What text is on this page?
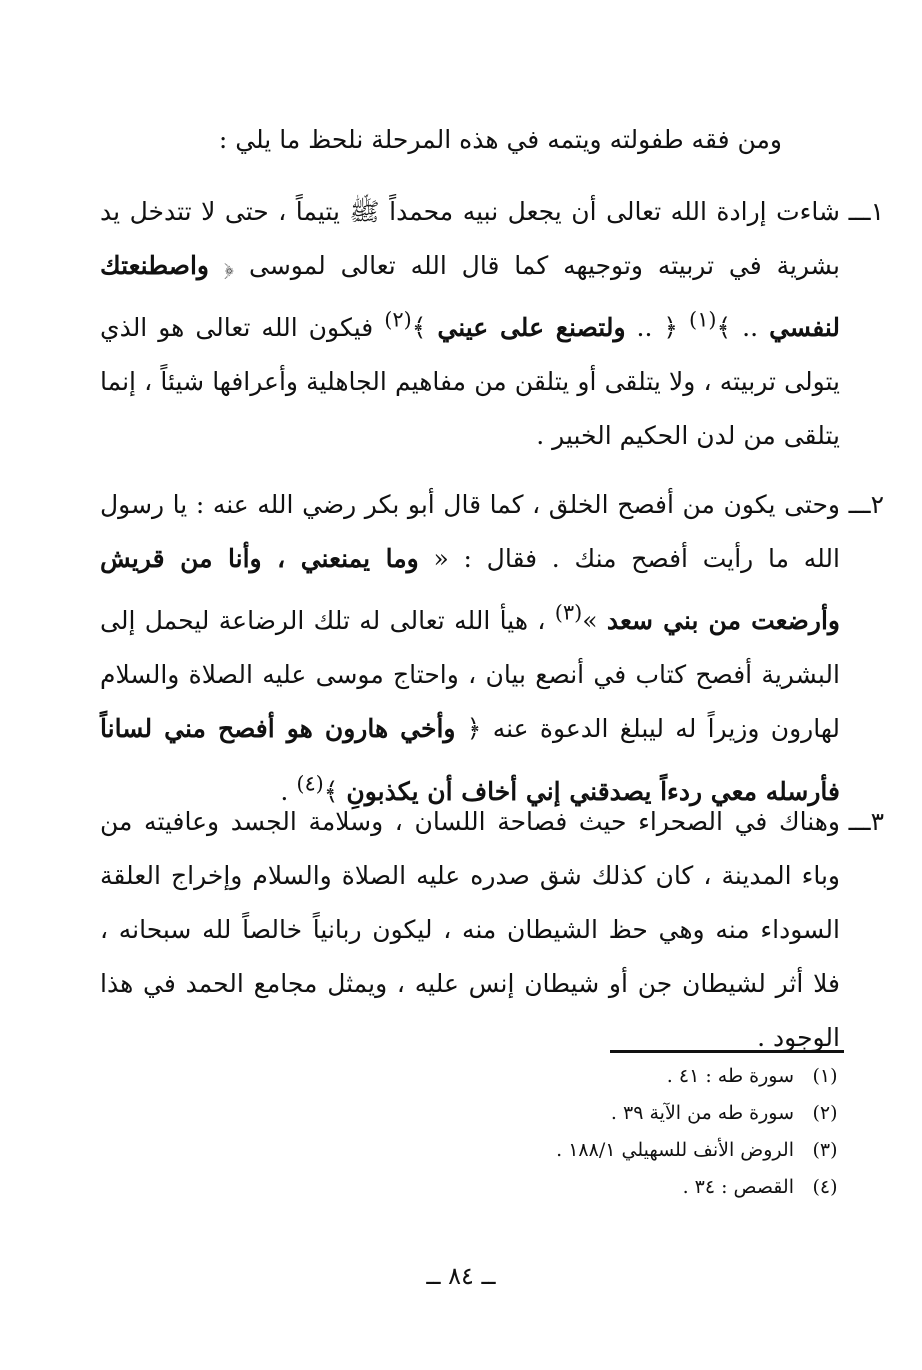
ومن فقه طفولته ويتمه في هذه المرحلة نلحظ ما يلي :
١ـــ
شاءت إرادة الله تعالى أن يجعل نبيه محمداً ﷺ يتيماً ، حتى لا تتدخل يد بشرية في تربيته وتوجيهه كما قال الله تعالى لموسى ﴿ واصطنعتك لنفسي .. ﴾$^{(١)}$ ﴿ .. ولتصنع على عيني ﴾$^{(٢)}$ فيكون الله تعالى هو الذي يتولى تربيته ، ولا يتلقى أو يتلقن من مفاهيم الجاهلية وأعرافها شيئاً ، إنما يتلقى من لدن الحكيم الخبير .
٢ـــ
وحتى يكون من أفصح الخلق ، كما قال أبو بكر رضي الله عنه : يا رسول الله ما رأيت أفصح منك . فقال : « وما يمنعني ، وأنا من قريش وأرضعت من بني سعد »$^{(٣)}$ ، هيأ الله تعالى له تلك الرضاعة ليحمل إلى البشرية أفصح كتاب في أنصع بيان ، واحتاج موسى عليه الصلاة والسلام لهارون وزيراً له ليبلغ الدعوة عنه ﴿ وأخي هارون هو أفصح مني لساناً فأرسله معي ردءاً يصدقني إني أخاف أن يكذبونِ ﴾$^{(٤)}$ .
٣ـــ
وهناك في الصحراء حيث فصاحة اللسان ، وسلامة الجسد وعافيته من وباء المدينة ، كان كذلك شق صدره عليه الصلاة والسلام وإخراج العلقة السوداء منه وهي حظ الشيطان منه ، ليكون ربانياً خالصاً لله سبحانه ، فلا أثر لشيطان جن أو شيطان إنس عليه ، ويمثل مجامع الحمد في هذا الوجود .
(١)
سورة طه : ٤١ .
(٢)
سورة طه من الآية ٣٩ .
(٣)
الروض الأنف للسهيلي ١٨٨/١ .
(٤)
القصص : ٣٤ .
ــ ٨٤ ــ
